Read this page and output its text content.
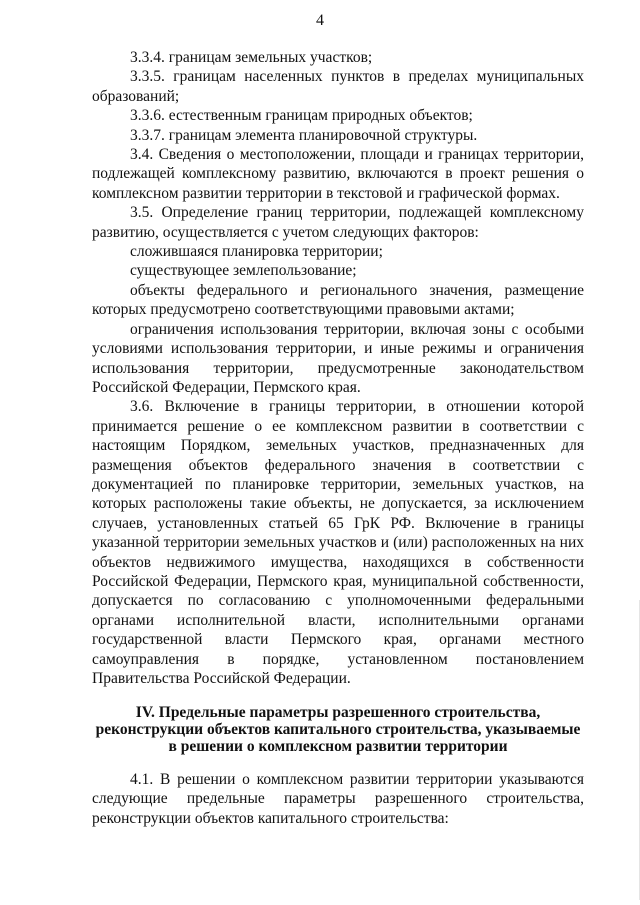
4

3.3.4. границам земельных участков;

3.3.5. границам населенных пунктов в пределах муниципальных образований;

3.3.6. естественным границам природных объектов;

3.3.7. границам элемента планировочной структуры.

3.4. Сведения о местоположении, площади и границах территории, подлежащей комплексному развитию, включаются в проект решения о комплексном развитии территории в текстовой и графической формах.

3.5. Определение границ территории, подлежащей комплексному развитию, осуществляется с учетом следующих факторов:

сложившаяся планировка территории;

существующее землепользование;

объекты федерального и регионального значения, размещение которых предусмотрено соответствующими правовыми актами;

ограничения использования территории, включая зоны с особыми условиями использования территории, и иные режимы и ограничения использования территории, предусмотренные законодательством Российской Федерации, Пермского края.

3.6. Включение в границы территории, в отношении которой принимается решение о ее комплексном развитии в соответствии с настоящим Порядком, земельных участков, предназначенных для размещения объектов федерального значения в соответствии с документацией по планировке территории, земельных участков, на которых расположены такие объекты, не допускается, за исключением случаев, установленных статьей 65 ГрК РФ. Включение в границы указанной территории земельных участков и (или) расположенных на них объектов недвижимого имущества, находящихся в собственности Российской Федерации, Пермского края, муниципальной собственности, допускается по согласованию с уполномоченными федеральными органами исполнительной власти, исполнительными органами государственной власти Пермского края, органами местного самоуправления в порядке, установленном постановлением Правительства Российской Федерации.

IV. Предельные параметры разрешенного строительства,
реконструкции объектов капитального строительства, указываемые
в решении о комплексном развитии территории

4.1. В решении о комплексном развитии территории указываются следующие предельные параметры разрешенного строительства, реконструкции объектов капитального строительства:
